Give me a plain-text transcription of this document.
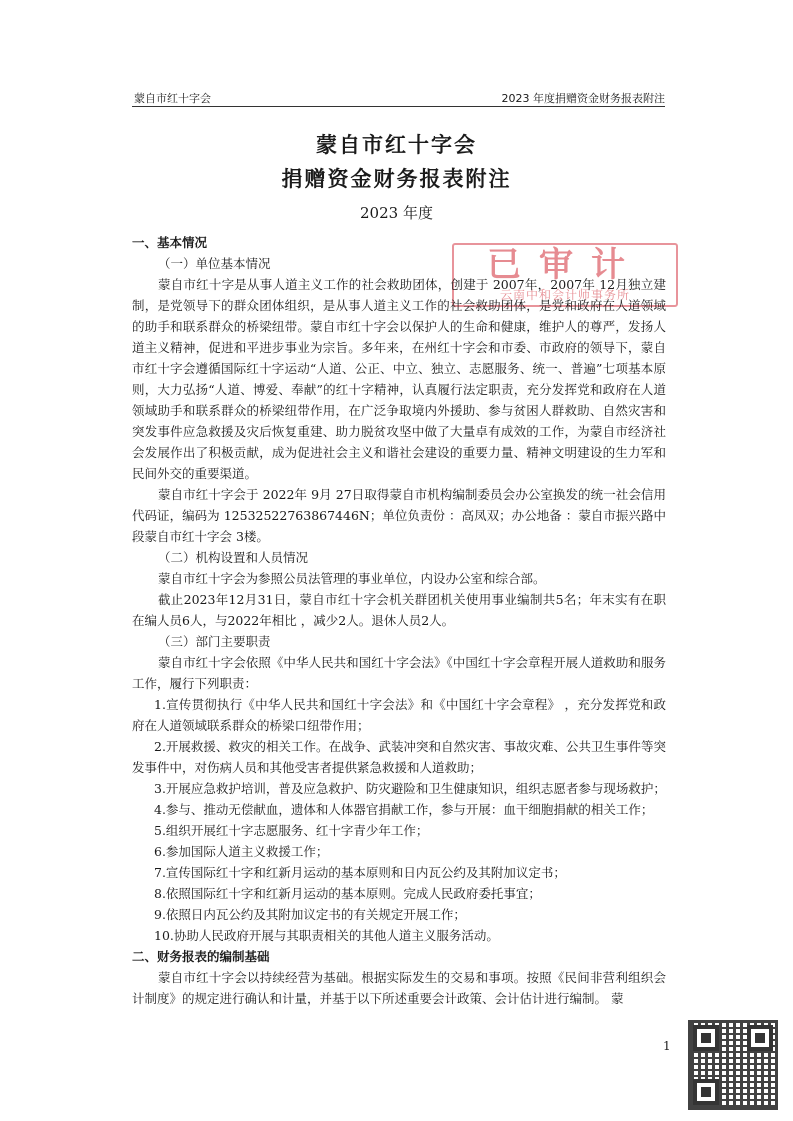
蒙自市红十字会	2023 年度捐赠资金财务报表附注
蒙自市红十字会
捐赠资金财务报表附注
2023 年度
已审计
云南中和会计师事务所

一、基本情况

（一）单位基本情况

蒙自市红十字是从事人道主义工作的社会救助团体，创建于 2007年，2007年 12月独立建制，是党领导下的群众团体组织，是从事人道主义工作的社会救助团体，是党和政府在人道领域的助手和联系群众的桥梁纽带。蒙自市红十字会以保护人的生命和健康，维护人的尊严，发扬人道主义精神，促进和平进步事业为宗旨。多年来，在州红十字会和市委、市政府的领导下，蒙自市红十字会遵循国际红十字运动“人道、公正、中立、独立、志愿服务、统一、普遍”七项基本原则，大力弘扬“人道、博爱、奉献”的红十字精神，认真履行法定职责，充分发挥党和政府在人道领域助手和联系群众的桥梁纽带作用，在广泛争取境内外援助、参与贫困人群救助、自然灾害和突发事件应急救援及灾后恢复重建、助力脱贫攻坚中做了大量卓有成效的工作，为蒙自市经济社会发展作出了积极贡献，成为促进社会主义和谐社会建设的重要力量、精神文明建设的生力军和民间外交的重要渠道。

蒙自市红十字会于 2022年 9月 27日取得蒙自市机构编制委员会办公室换发的统一社会信用代码证，编码为 12532522763867446N；单位负责份 ：高凤双；办公地备 ：蒙自市振兴路中段蒙自市红十字会 3楼。

（二）机构设置和人员情况

蒙自市红十字会为参照公员法管理的事业单位，内设办公室和综合部。

截止2023年12月31日，蒙自市红十字会机关群团机关使用事业编制共5名；年末实有在职在编人员6人，与2022年相比 ，减少2人。退休人员2人。

（三）部门主要职责

蒙自市红十字会依照《中华人民共和国红十字会法》《中国红十字会章程开展人道救助和服务工作，履行下列职责：

1.宣传贯彻执行《中华人民共和国红十字会法》和《中国红十字会章程》 ，充分发挥党和政府在人道领域联系群众的桥梁口纽带作用；

2.开展救援、救灾的相关工作。在战争、武装冲突和自然灾害、事故灾难、公共卫生事件等突发事件中，对伤病人员和其他受害者提供紧急救援和人道救助；

3.开展应急救护培训，普及应急救护、防灾避险和卫生健康知识，组织志愿者参与现场救护；

4.参与、推动无偿献血，遗体和人体器官捐献工作，参与开展：血干细胞捐献的相关工作；

5.组织开展红十字志愿服务、红十字青少年工作；

6.参加国际人道主义救援工作；

7.宣传国际红十字和红新月运动的基本原则和日内瓦公约及其附加议定书；

8.依照国际红十字和红新月运动的基本原则。完成人民政府委托事宜；

9.依照日内瓦公约及其附加议定书的有关规定开展工作；

10.协助人民政府开展与其职责相关的其他人道主义服务活动。

二、财务报表的编制基础

蒙自市红十字会以持续经营为基础。根据实际发生的交易和事项。按照《民间非营利组织会计制度》的规定进行确认和计量，并基于以下所述重要会计政策、会计估计进行编制。 蒙

1
